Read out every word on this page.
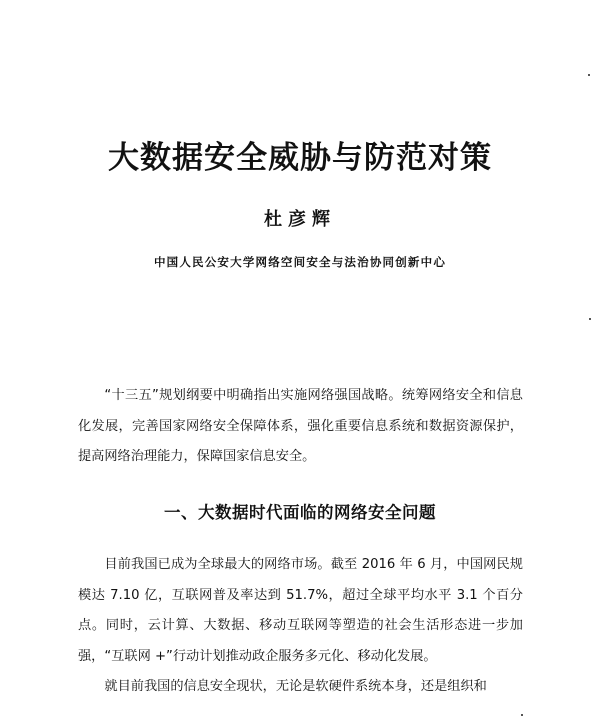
大数据安全威胁与防范对策
杜彦辉
中国人民公安大学网络空间安全与法治协同创新中心

“十三五”规划纲要中明确指出实施网络强国战略。统筹网络安全和信息化发展，完善国家网络安全保障体系，强化重要信息系统和数据资源保护，提高网络治理能力，保障国家信息安全。

一、大数据时代面临的网络安全问题

目前我国已成为全球最大的网络市场。截至 2016 年 6 月，中国网民规模达 7.10 亿，互联网普及率达到 51.7%，超过全球平均水平 3.1 个百分点。同时，云计算、大数据、移动互联网等塑造的社会生活形态进一步加强，“互联网 +”行动计划推动政企服务多元化、移动化发展。

就目前我国的信息安全现状，无论是软硬件系统本身，还是组织和
